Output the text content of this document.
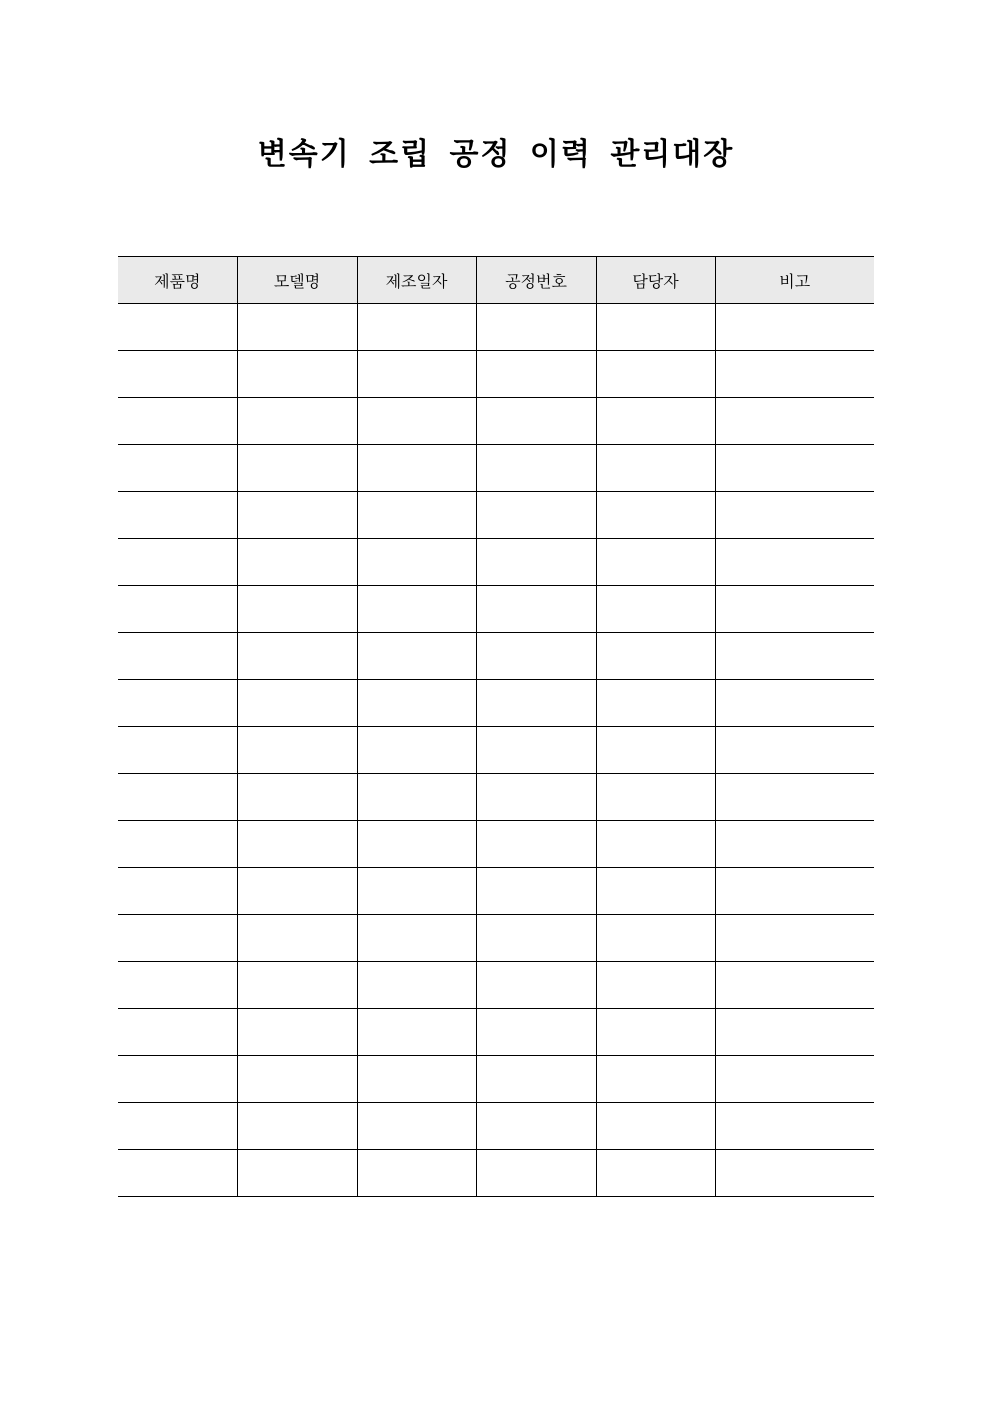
변속기 조립 공정 이력 관리대장
제품명	모델명	제조일자	공정번호	담당자	비고
